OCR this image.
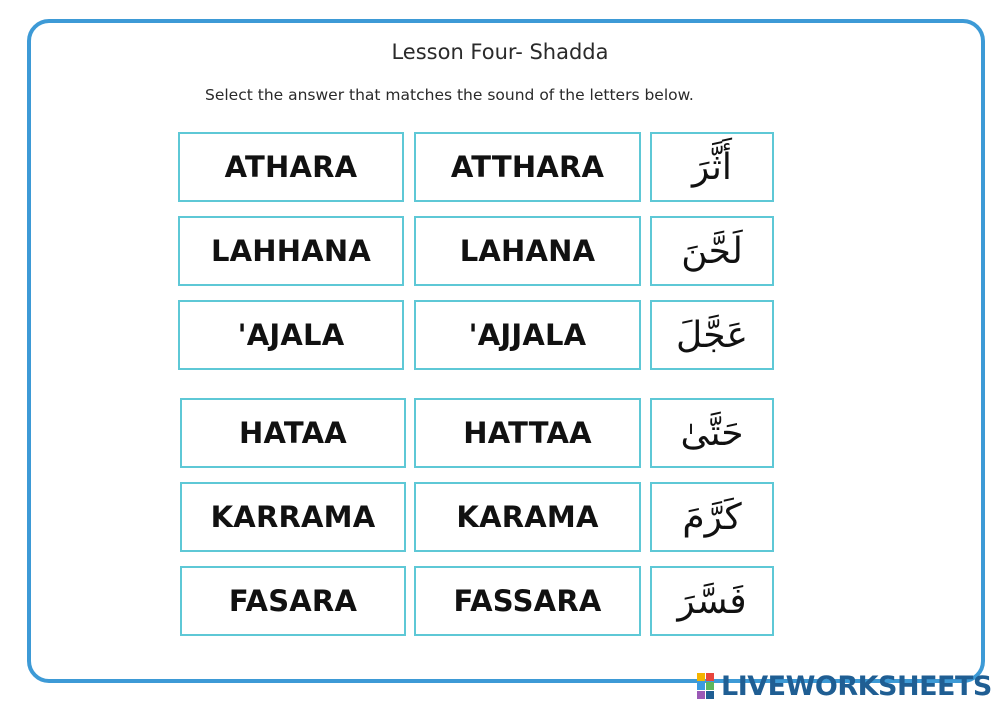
Lesson Four- Shadda
Select the answer that matches the sound of the letters below.
ATHARA	ATTHARA أَثَّرَ
LAHHANA	LAHANA لَحَّنَ
'AJALA	'AJJALA عَجَّلَ
HATAA	HATTAA حَتَّىٰ
KARRAMA	KARAMA كَرَّمَ
FASARA	FASSARA فَسَّرَ
LIVEWORKSHEETS
